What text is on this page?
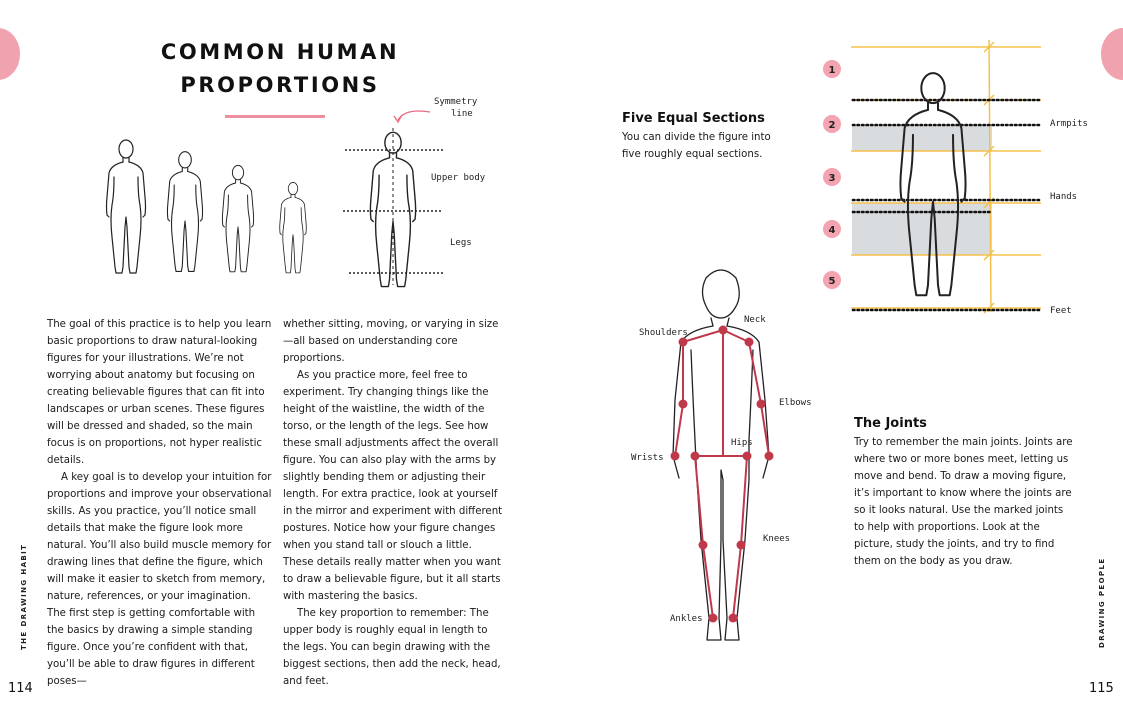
COMMON HUMAN
PROPORTIONS
Symmetry
line
Upper body
Legs

The goal of this practice is to help you learn basic proportions to draw natural-looking figures for your illustrations. We’re not worrying about anatomy but focusing on creating believable figures that can fit into landscapes or urban scenes. These figures will be dressed and shaded, so the main focus is on proportions, not hyper realistic details.

A key goal is to develop your intuition for proportions and improve your observational skills. As you practice, you’ll notice small details that make the figure look more natural. You’ll also build muscle memory for drawing lines that define the figure, which will make it easier to sketch from memory, nature, references, or your imagination. The first step is getting comfortable with the basics by drawing a simple standing figure. Once you’re confident with that, you’ll be able to draw figures in different poses—

whether sitting, moving, or varying in size—all based on understanding core proportions.

As you practice more, feel free to experiment. Try changing things like the height of the waistline, the width of the torso, or the length of the legs. See how these small adjustments affect the overall figure. You can also play with the arms by slightly bending them or adjusting their length. For extra practice, look at yourself in the mirror and experiment with different postures. Notice how your figure changes when you stand tall or slouch a little. These details really matter when you want to draw a believable figure, but it all starts with mastering the basics.

The key proportion to remember: The upper body is roughly equal in length to the legs. You can begin drawing with the biggest sections, then add the neck, head, and feet.

THE DRAWING HABIT
114
Five Equal Sections
You can divide the figure into five roughly equal sections.
The Joints
Try to remember the main joints. Joints are where two or more bones meet, letting us move and bend. To draw a moving figure, it’s important to know where the joints are so it looks natural. Use the marked joints to help with proportions. Look at the picture, study the joints, and try to find them on the body as you draw.
1
2
3
4
5
Armpits
Hands
Feet
Shoulders
Neck
Elbows
Hips
Wrists
Knees
Ankles	DRAWING PEOPLE
115
